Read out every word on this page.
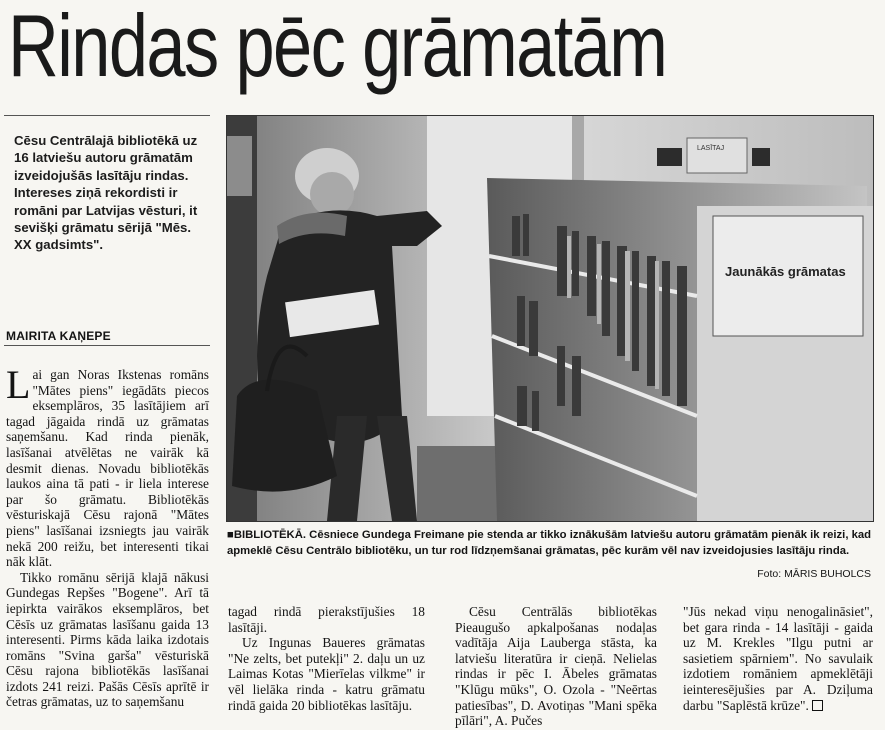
Rindas pēc grāmatām
Cēsu Centrālajā bibliotēkā uz 16 latviešu autoru grāmatām izveidojušās lasītāju rindas. Intereses ziņā rekordisti ir romāni par Latvijas vēsturi, it sevišķi grāmatu sērijā "Mēs. XX gadsimts".
MAIRITA KAŅEPE

Lai gan Noras Ikstenas romāns "Mātes piens" iegādāts piecos eksemplāros, 35 lasītājiem arī tagad jāgaida rindā uz grāmatas saņemšanu. Kad rinda pienāk, lasīšanai atvēlētas ne vairāk kā desmit dienas. Novadu bibliotēkās laukos aina tā pati - ir liela interese par šo grāmatu. Bibliotēkās vēsturiskajā Cēsu rajonā "Mātes piens" lasīšanai izsniegts jau vairāk nekā 200 reižu, bet interesenti tikai nāk klāt.

Tikko romānu sērijā klajā nākusi Gundegas Repšes "Bogene". Arī tā iepirkta vairākos eksemplāros, bet Cēsīs uz grāmatas lasīšanu gaida 13 interesenti. Pirms kāda laika izdotais romāns "Svina garša" vēsturiskā Cēsu rajona bibliotēkās lasīšanai izdots 241 reizi. Pašās Cēsīs aprītē ir četras grāmatas, uz to saņemšanu

Jaunākās grāmatas
LASĪTAJ
■BIBLIOTĒKĀ. Cēsniece Gundega Freimane pie stenda ar tikko iznākušām latviešu autoru grāmatām pienāk ik reizi, kad apmeklē Cēsu Centrālo bibliotēku, un tur rod līdzņemšanai grāmatas, pēc kurām vēl nav izveidojusies lasītāju rinda.
Foto: MĀRIS BUHOLCS

tagad rindā pierakstījušies 18 lasītāji.

Uz Ingunas Baueres grāmatas "Ne zelts, bet putekļi" 2. daļu un uz Laimas Kotas "Mierīelas vilkme" ir vēl lielāka rinda - katru grāmatu rindā gaida 20 bibliotēkas lasītāju.

Cēsu Centrālās bibliotēkas Pieaugušo apkalpošanas nodaļas vadītāja Aija Lauberga stāsta, ka latviešu literatūra ir cieņā. Nelielas rindas ir pēc I. Ābeles grāmatas "Klūgu mūks", O. Ozola - "Neērtas patiesības", D. Avotiņas "Mani spēka pīlāri", A. Pučes

"Jūs nekad viņu nenogalināsiet", bet gara rinda - 14 lasītāji - gaida uz M. Krekles "Ilgu putni ar sasietiem spārniem". No savulaik izdotiem romāniem apmeklētāji ieinteresējušies par A. Dziļuma darbu "Saplēstā krūze".
